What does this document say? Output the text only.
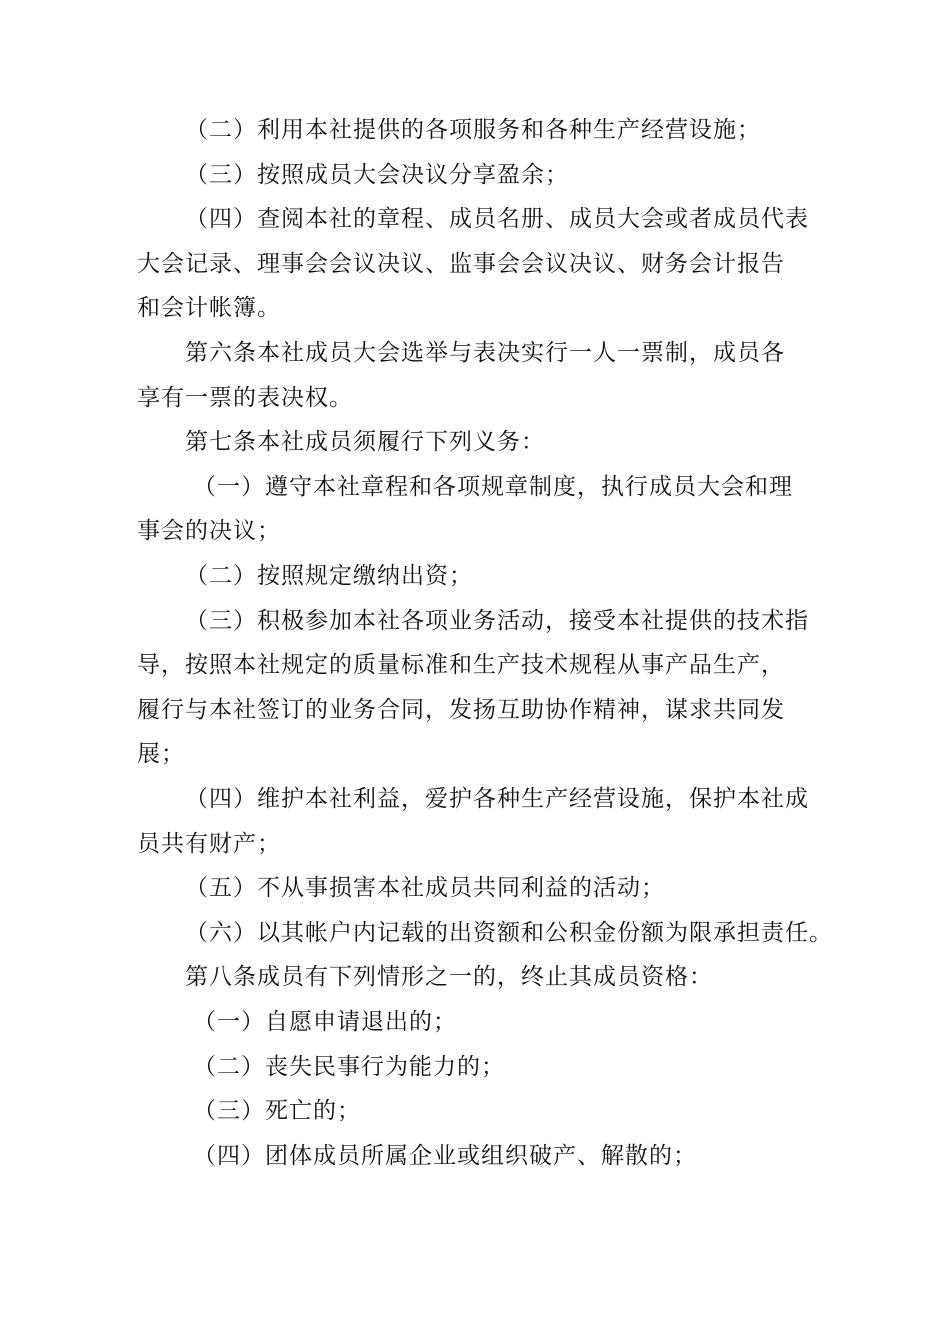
（二）利用本社提供的各项服务和各种生产经营设施；
（三）按照成员大会决议分享盈余；
（四）查阅本社的章程、成员名册、成员大会或者成员代表
大会记录、理事会会议决议、监事会会议决议、财务会计报告
和会计帐簿。
第六条本社成员大会选举与表决实行一人一票制，成员各
享有一票的表决权。
第七条本社成员须履行下列义务：
（一）遵守本社章程和各项规章制度，执行成员大会和理
事会的决议；
（二）按照规定缴纳出资；
（三）积极参加本社各项业务活动，接受本社提供的技术指
导，按照本社规定的质量标准和生产技术规程从事产品生产，
履行与本社签订的业务合同，发扬互助协作精神，谋求共同发
展；
（四）维护本社利益，爱护各种生产经营设施，保护本社成
员共有财产；
（五）不从事损害本社成员共同利益的活动；
（六）以其帐户内记载的出资额和公积金份额为限承担责任。
第八条成员有下列情形之一的，终止其成员资格：
（一）自愿申请退出的；
（二）丧失民事行为能力的；
（三）死亡的；
（四）团体成员所属企业或组织破产、解散的；
